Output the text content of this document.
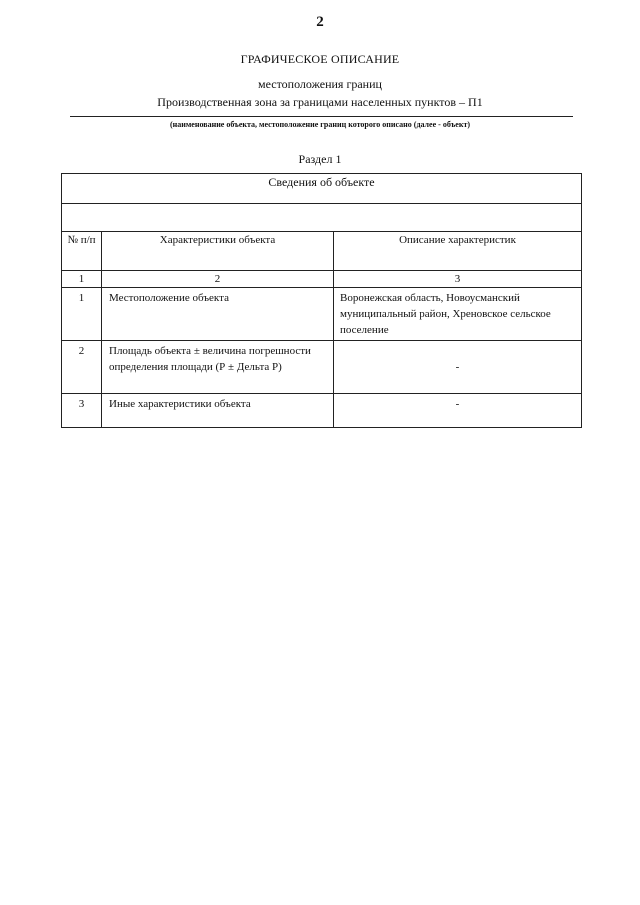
2
ГРАФИЧЕСКОЕ ОПИСАНИЕ
местоположения границ
Производственная зона за границами населенных пунктов – П1
(наименование объекта, местоположение границ которого описано (далее - объект)
Раздел 1
Сведения об объекте		

№ п/п	Характеристики объекта	Описание характеристик
1	2	3
1	Местоположение объекта	Воронежская область, Новоусманский муниципальный район, Хреновское сельское поселение
2	Площадь объекта ± величина погрешности определения площади (Р ± Дельта Р)	-
3	Иные характеристики объекта	-
